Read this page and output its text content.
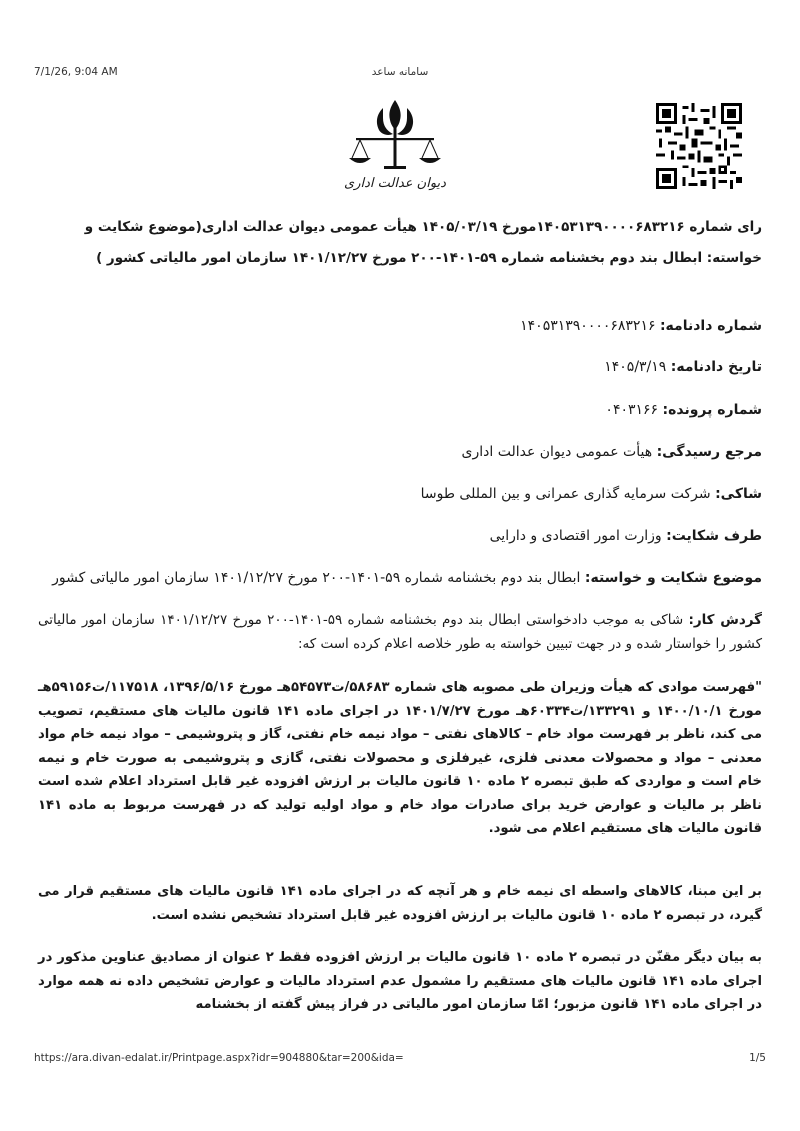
7/1/26, 9:04 AM	سامانه ساعد
دیوان عدالت اداری
رای شماره ۱۴۰۵۳۱۳۹۰۰۰۰۶۸۳۲۱۶مورخ ۱۴۰۵/۰۳/۱۹ هیأت عمومی دیوان عدالت اداری(موضوع شکایت و خواسته: ابطال بند دوم بخشنامه شماره ۵۹-۱۴۰۱-۲۰۰ مورخ ۱۴۰۱/۱۲/۲۷ سازمان امور مالیاتی کشور )
شماره دادنامه: ۱۴۰۵۳۱۳۹۰۰۰۰۶۸۳۲۱۶
تاریخ دادنامه: ۱۴۰۵/۳/۱۹
شماره پرونده: ۰۴۰۳۱۶۶
مرجع رسیدگی: هیأت عمومی دیوان عدالت اداری
شاکی: شرکت سرمایه گذاری عمرانی و بین المللی طوسا
طرف شکایت: وزارت امور اقتصادی و دارایی
موضوع شکایت و خواسته: ابطال بند دوم بخشنامه شماره ۵۹-۱۴۰۱-۲۰۰ مورخ ۱۴۰۱/۱۲/۲۷ سازمان امور مالیاتی کشور
گردش کار: شاکی به موجب دادخواستی ابطال بند دوم بخشنامه شماره ۵۹-۱۴۰۱-۲۰۰ مورخ ۱۴۰۱/۱۲/۲۷ سازمان امور مالیاتی کشور را خواستار شده و در جهت تبیین خواسته به طور خلاصه اعلام کرده است که:
"فهرست موادی که هیأت وزیران طی مصوبه های شماره ۵۸۶۸۳/ت۵۴۵۷۳هـ مورخ ۱۳۹۶/۵/۱۶، ۱۱۷۵۱۸/ت۵۹۱۵۶هـ مورخ ۱۴۰۰/۱۰/۱ و ۱۳۳۲۹۱/ت۶۰۳۳۴هـ مورخ ۱۴۰۱/۷/۲۷ در اجرای ماده ۱۴۱ قانون مالیات های مستقیم، تصویب می کند، ناظر بر فهرست مواد خام – کالاهای نفتی – مواد نیمه خام نفتی، گاز و پتروشیمی – مواد نیمه خام مواد معدنی – مواد و محصولات معدنی فلزی، غیرفلزی و محصولات نفتی، گازی و پتروشیمی به صورت خام و نیمه خام است و مواردی که طبق تبصره ۲ ماده ۱۰ قانون مالیات بر ارزش افزوده غیر قابل استرداد اعلام شده است ناظر بر مالیات و عوارض خرید برای صادرات مواد خام و مواد اولیه تولید که در فهرست مربوط به ماده ۱۴۱ قانون مالیات های مستقیم اعلام می شود.
بر این مبنا، کالاهای واسطه ای نیمه خام و هر آنچه که در اجرای ماده ۱۴۱ قانون مالیات های مستقیم قرار می گیرد، در تبصره ۲ ماده ۱۰ قانون مالیات بر ارزش افزوده غیر قابل استرداد تشخیص نشده است.
به بیان دیگر مقنّن در تبصره ۲ ماده ۱۰ قانون مالیات بر ارزش افزوده فقط ۲ عنوان از مصادیق عناوین مذکور در اجرای ماده ۱۴۱ قانون مالیات های مستقیم را مشمول عدم استرداد مالیات و عوارض تشخیص داده نه همه موارد در اجرای ماده ۱۴۱ قانون مزبور؛ امّا سازمان امور مالیاتی در فراز پیش گفته از بخشنامه
https://ara.divan-edalat.ir/Printpage.aspx?idr=904880&tar=200&ida=	1/5
